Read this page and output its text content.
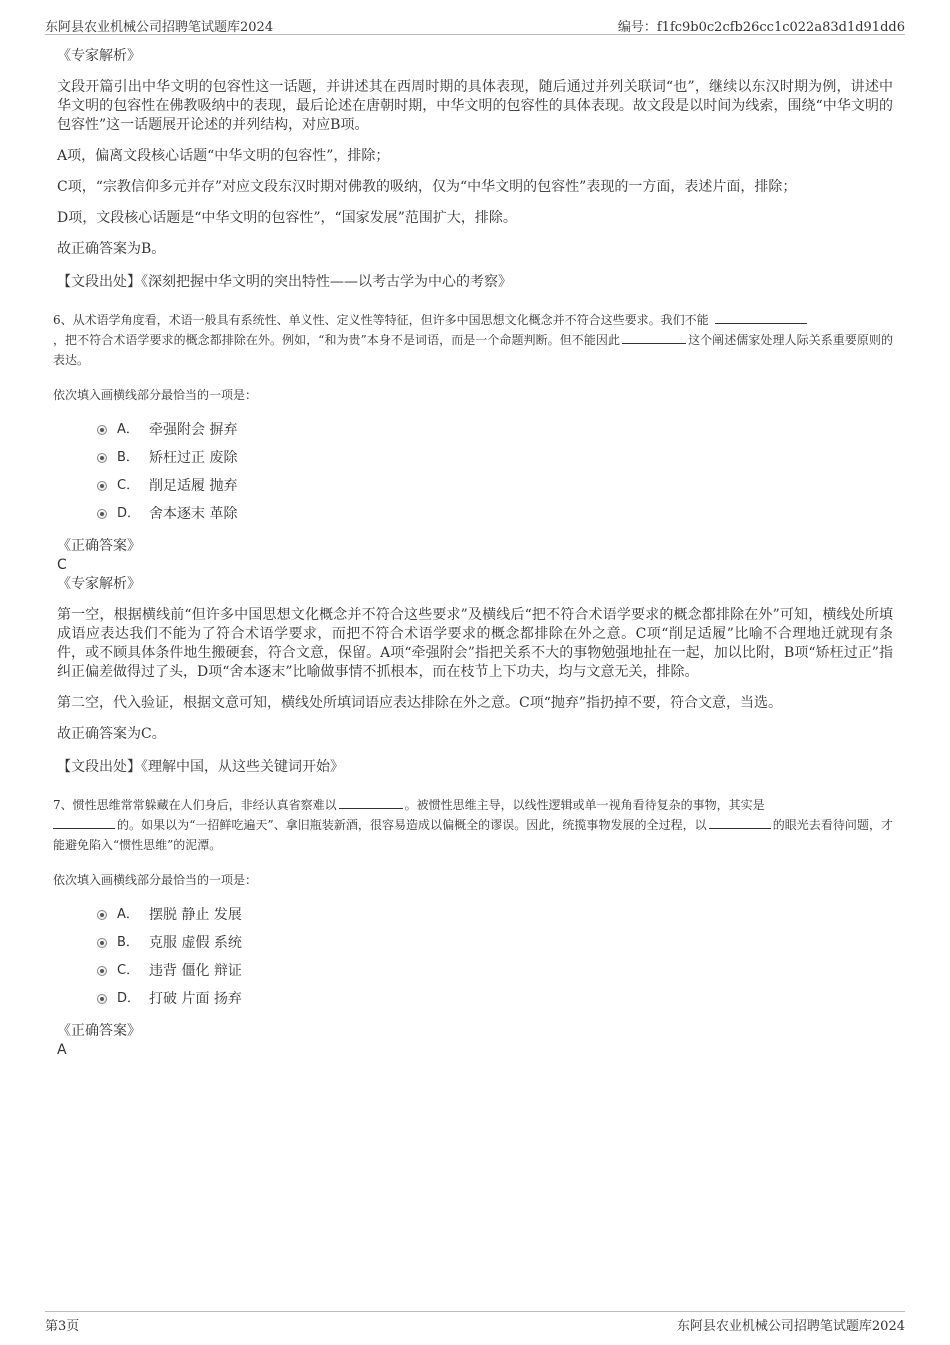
东阿县农业机械公司招聘笔试题库2024	编号：f1fc9b0c2cfb26cc1c022a83d1d91dd6
《专家解析》

文段开篇引出中华文明的包容性这一话题，并讲述其在西周时期的具体表现，随后通过并列关联词“也”，继续以东汉时期为例，讲述中华文明的包容性在佛教吸纳中的表现，最后论述在唐朝时期，中华文明的包容性的具体表现。故文段是以时间为线索，围绕“中华文明的包容性”这一话题展开论述的并列结构，对应B项。

A项，偏离文段核心话题“中华文明的包容性”，排除；

C项，“宗教信仰多元并存”对应文段东汉时期对佛教的吸纳，仅为“中华文明的包容性”表现的一方面，表述片面，排除；

D项，文段核心话题是“中华文明的包容性”，“国家发展”范围扩大，排除。

故正确答案为B。

【文段出处】《深刻把握中华文明的突出特性——以考古学为中心的考察》

6、从术语学角度看，术语一般具有系统性、单义性、定义性等特征，但许多中国思想文化概念并不符合这些要求。我们不能
，把不符合术语学要求的概念都排除在外。例如，“和为贵”本身不是词语，而是一个命题判断。但不能因此	这个阐述儒家处理人际关系重要原则的表达。

依次填入画横线部分最恰当的一项是：

A． 牵强附会 摒弃
B． 矫枉过正 废除
C． 削足适履 抛弃
D． 舍本逐末 革除
《正确答案》
C
《专家解析》

第一空，根据横线前“但许多中国思想文化概念并不符合这些要求”及横线后“把不符合术语学要求的概念都排除在外”可知，横线处所填成语应表达我们不能为了符合术语学要求，而把不符合术语学要求的概念都排除在外之意。C项“削足适履”比喻不合理地迁就现有条件，或不顾具体条件地生搬硬套，符合文意，保留。A项“牵强附会”指把关系不大的事物勉强地扯在一起，加以比附，B项“矫枉过正”指纠正偏差做得过了头，D项“舍本逐末”比喻做事情不抓根本，而在枝节上下功夫，均与文意无关，排除。

第二空，代入验证，根据文意可知，横线处所填词语应表达排除在外之意。C项“抛弃”指扔掉不要，符合文意，当选。

故正确答案为C。

【文段出处】《理解中国，从这些关键词开始》

7、惯性思维常常躲藏在人们身后，非经认真省察难以	。被惯性思维主导，以线性逻辑或单一视角看待复杂的事物，其实是
的。如果以为“一招鲜吃遍天”、拿旧瓶装新酒，很容易造成以偏概全的谬误。因此，统揽事物发展的全过程，以	的眼光去看待问题，才能避免陷入“惯性思维”的泥潭。

依次填入画横线部分最恰当的一项是：

A． 摆脱 静止 发展
B． 克服 虚假 系统
C． 违背 僵化 辩证
D． 打破 片面 扬弃
《正确答案》
A
第3页	东阿县农业机械公司招聘笔试题库2024
